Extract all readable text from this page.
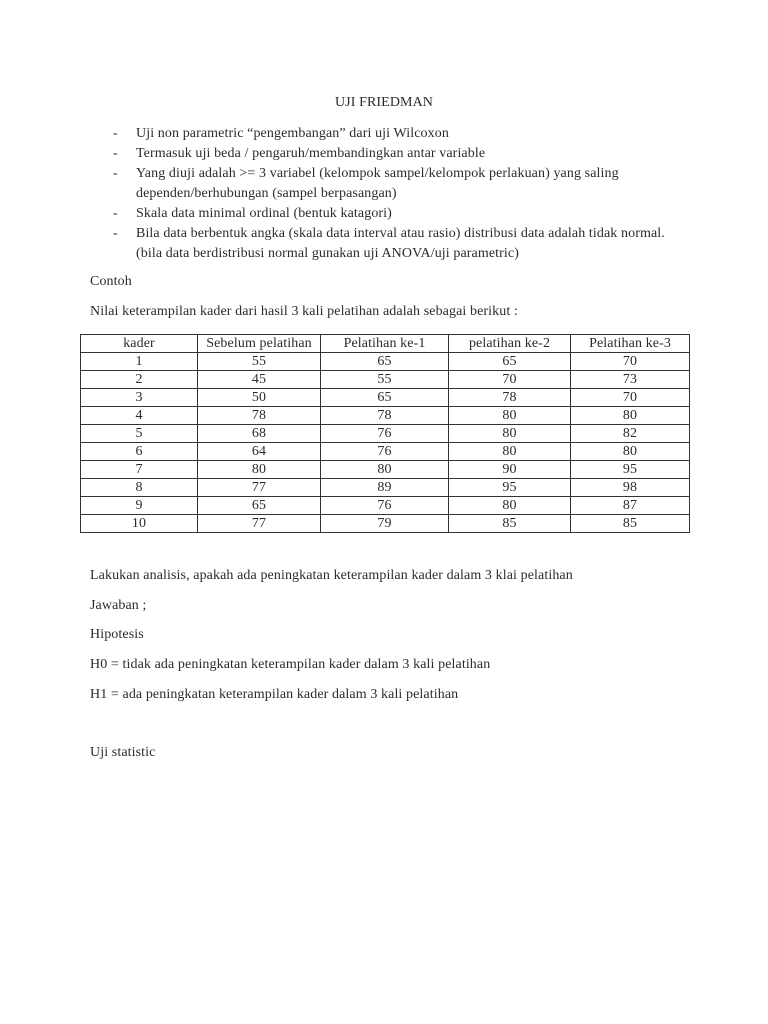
UJI FRIEDMAN
- Uji non parametric “pengembangan” dari uji Wilcoxon
- Termasuk uji beda / pengaruh/membandingkan antar variable
- Yang diuji adalah >= 3 variabel (kelompok sampel/kelompok perlakuan) yang saling dependen/berhubungan (sampel berpasangan)
- Skala data minimal ordinal (bentuk katagori)
- Bila data berbentuk angka (skala data interval atau rasio) distribusi data adalah tidak normal. (bila data berdistribusi normal gunakan uji ANOVA/uji parametric)
Contoh
Nilai keterampilan kader dari hasil 3 kali pelatihan adalah sebagai berikut :
kader	Sebelum pelatihan	Pelatihan ke-1	pelatihan ke-2	Pelatihan ke-3
1	55	65	65	70
2	45	55	70	73
3	50	65	78	70
4	78	78	80	80
5	68	76	80	82
6	64	76	80	80
7	80	80	90	95
8	77	89	95	98
9	65	76	80	87
10	77	79	85	85
Lakukan analisis, apakah ada peningkatan keterampilan kader dalam 3 klai pelatihan
Jawaban ;
Hipotesis
H0 = tidak ada peningkatan keterampilan kader dalam 3 kali pelatihan
H1 = ada peningkatan keterampilan kader dalam 3 kali pelatihan
Uji statistic
